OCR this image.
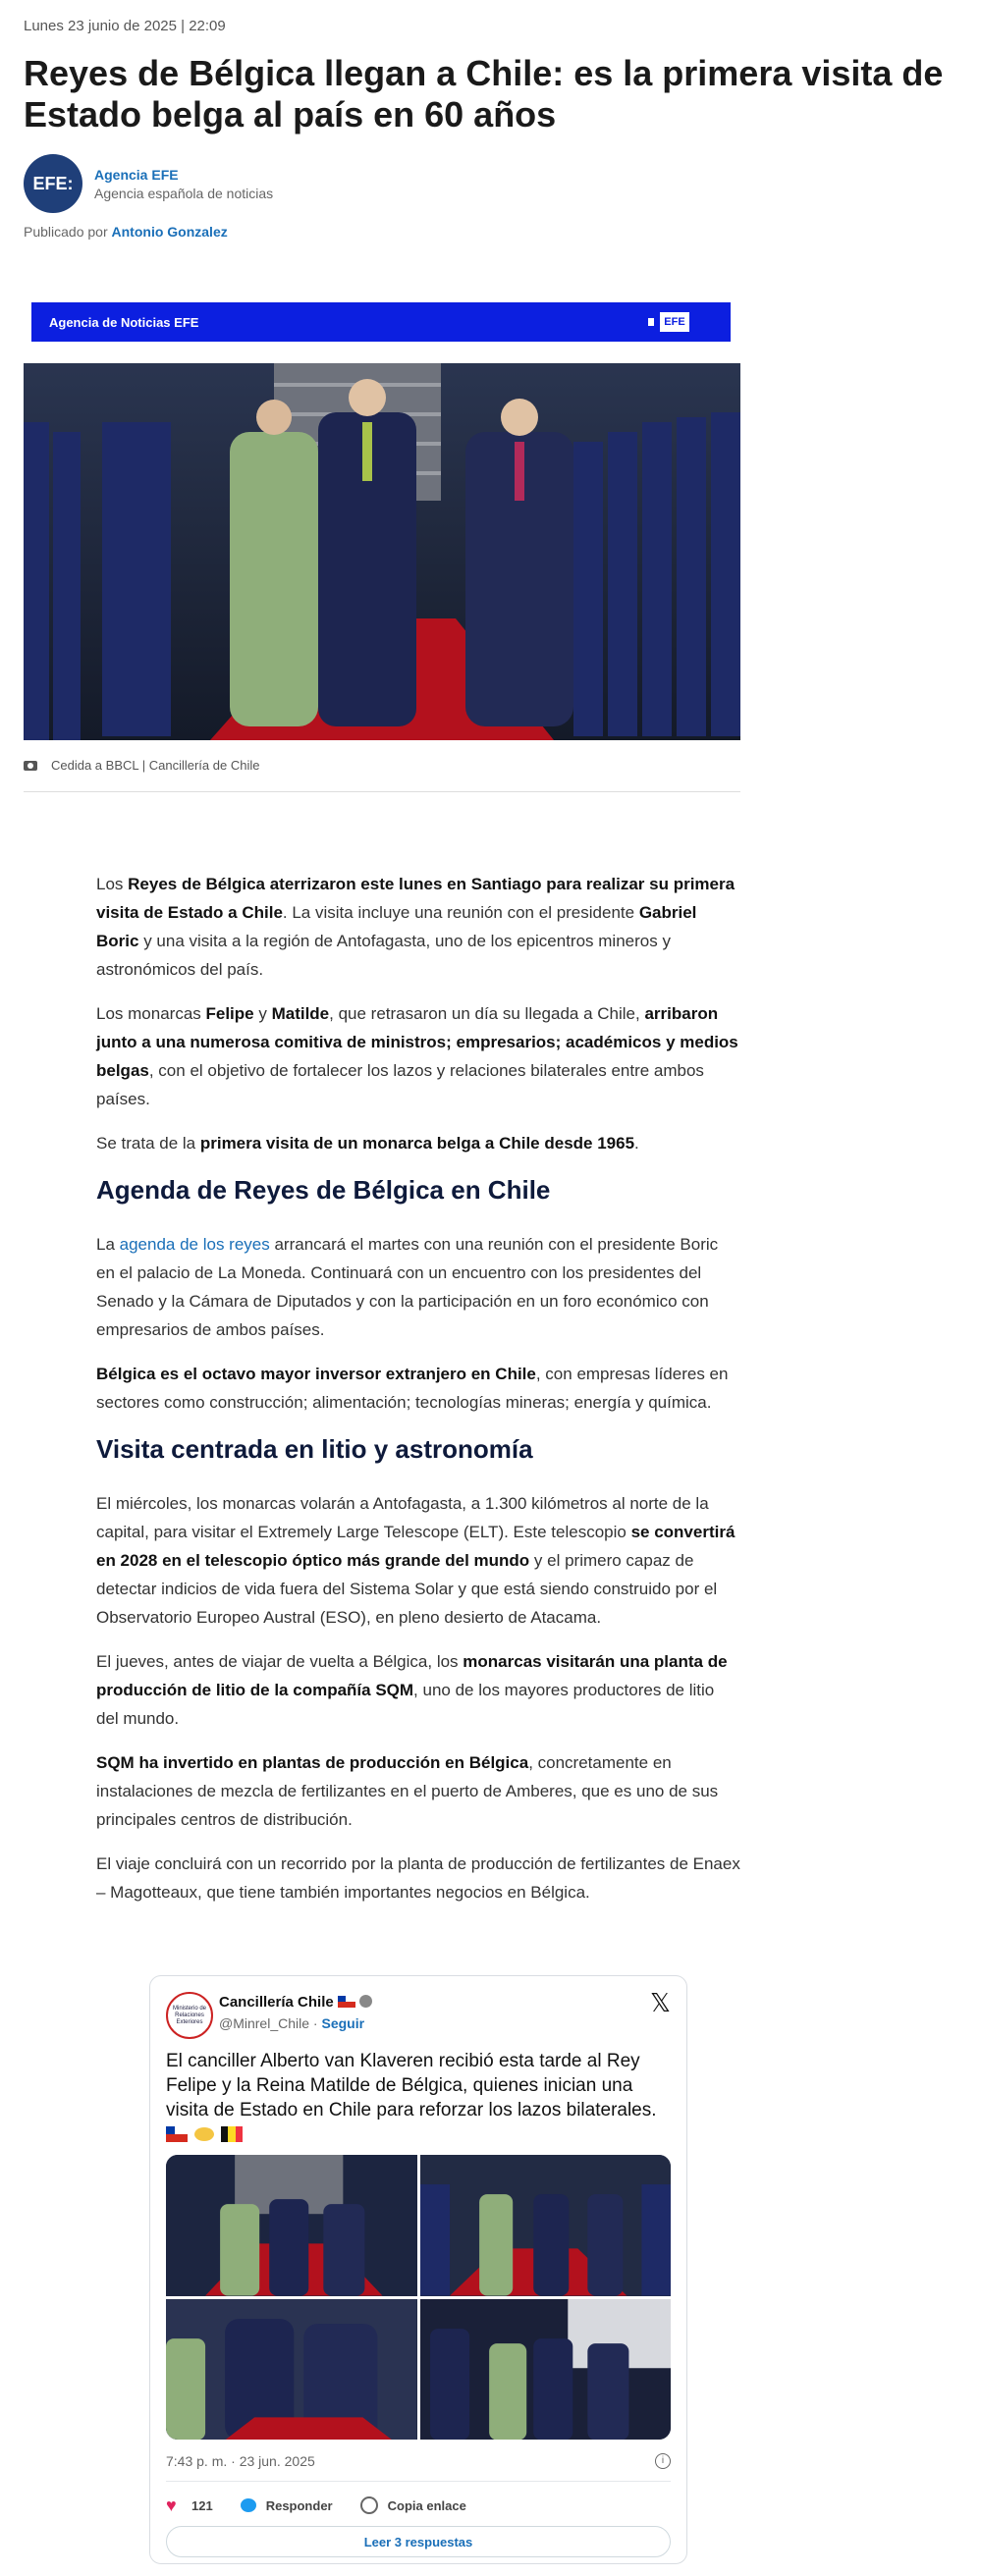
Lunes 23 junio de 2025 | 22:09
Reyes de Bélgica llegan a Chile: es la primera visita de Estado belga al país en 60 años
EFE:	Agencia EFE
Agencia española de noticias
Publicado por Antonio Gonzalez
Agencia de Noticias EFE	EFE
Cedida a BBCL | Cancillería de Chile

Los Reyes de Bélgica aterrizaron este lunes en Santiago para realizar su primera visita de Estado a Chile. La visita incluye una reunión con el presidente Gabriel Boric y una visita a la región de Antofagasta, uno de los epicentros mineros y astronómicos del país.

Los monarcas Felipe y Matilde, que retrasaron un día su llegada a Chile, arribaron junto a una numerosa comitiva de ministros; empresarios; académicos y medios belgas, con el objetivo de fortalecer los lazos y relaciones bilaterales entre ambos países.

Se trata de la primera visita de un monarca belga a Chile desde 1965.

Agenda de Reyes de Bélgica en Chile

La agenda de los reyes arrancará el martes con una reunión con el presidente Boric en el palacio de La Moneda. Continuará con un encuentro con los presidentes del Senado y la Cámara de Diputados y con la participación en un foro económico con empresarios de ambos países.

Bélgica es el octavo mayor inversor extranjero en Chile, con empresas líderes en sectores como construcción; alimentación; tecnologías mineras; energía y química.

Visita centrada en litio y astronomía

El miércoles, los monarcas volarán a Antofagasta, a 1.300 kilómetros al norte de la capital, para visitar el Extremely Large Telescope (ELT). Este telescopio se convertirá en 2028 en el telescopio óptico más grande del mundo y el primero capaz de detectar indicios de vida fuera del Sistema Solar y que está siendo construido por el Observatorio Europeo Austral (ESO), en pleno desierto de Atacama.

El jueves, antes de viajar de vuelta a Bélgica, los monarcas visitarán una planta de producción de litio de la compañía SQM, uno de los mayores productores de litio del mundo.

SQM ha invertido en plantas de producción en Bélgica, concretamente en instalaciones de mezcla de fertilizantes en el puerto de Amberes, que es uno de sus principales centros de distribución.

El viaje concluirá con un recorrido por la planta de producción de fertilizantes de Enaex – Magotteaux, que tiene también importantes negocios en Bélgica.

Ministerio de Relaciones Exteriores
Cancillería Chile
@Minrel_Chile · Seguir
𝕏
El canciller Alberto van Klaveren recibió esta tarde al Rey Felipe y la Reina Matilde de Bélgica, quienes inician una visita de Estado en Chile para reforzar los lazos bilaterales.

7:43 p. m. · 23 jun. 2025	i
♥	121	Responder	Copia enlace
Leer 3 respuestas
